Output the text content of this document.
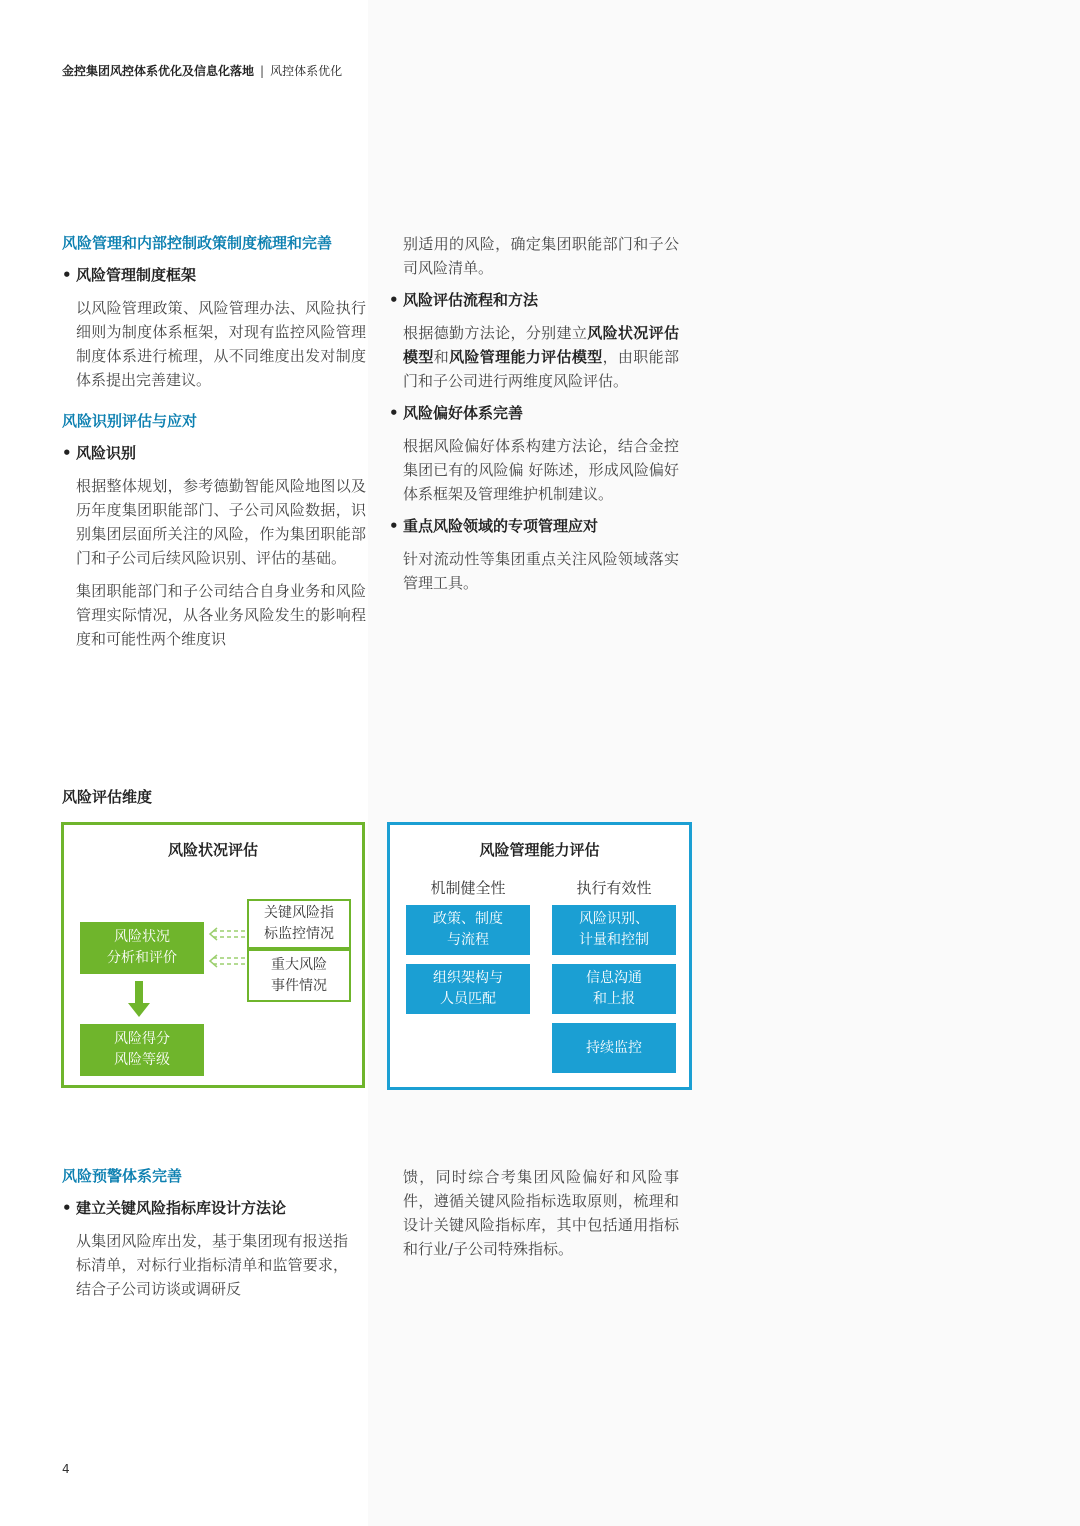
金控集团风控体系优化及信息化落地 | 风控体系优化
风险管理和内部控制政策制度梳理和完善
• 风险管理制度框架
以风险管理政策、风险管理办法、风险执行细则为制度体系框架，对现有监控风险管理制度体系进行梳理，从不同维度出发对制度体系提出完善建议。
风险识别评估与应对
• 风险识别
根据整体规划，参考德勤智能风险地图以及历年度集团职能部门、子公司风险数据，识别集团层面所关注的风险，作为集团职能部门和子公司后续风险识别、评估的基础。
集团职能部门和子公司结合自身业务和风险管理实际情况，从各业务风险发生的影响程度和可能性两个维度识
别适用的风险，确定集团职能部门和子公司风险清单。
• 风险评估流程和方法
根据德勤方法论，分别建立风险状况评估模型和风险管理能力评估模型，由职能部门和子公司进行两维度风险评估。
• 风险偏好体系完善
根据风险偏好体系构建方法论，结合金控集团已有的风险偏 好陈述，形成风险偏好体系框架及管理维护机制建议。
• 重点风险领域的专项管理应对
针对流动性等集团重点关注风险领域落实管理工具。
风险评估维度
风险状况评估
风险状况
分析和评价
关键风险指
标监控情况
重大风险
事件情况
风险得分
风险等级
风险管理能力评估
机制健全性	执行有效性
政策、制度
与流程
组织架构与
人员匹配
风险识别、
计量和控制
信息沟通
和上报
持续监控
风险预警体系完善
• 建立关键风险指标库设计方法论
从集团风险库出发，基于集团现有报送指标清单，对标行业指标清单和监管要求，结合子公司访谈或调研反
馈，同时综合考集团风险偏好和风险事件，遵循关键风险指标选取原则，梳理和设计关键风险指标库，其中包括通用指标和行业/子公司特殊指标。
4
